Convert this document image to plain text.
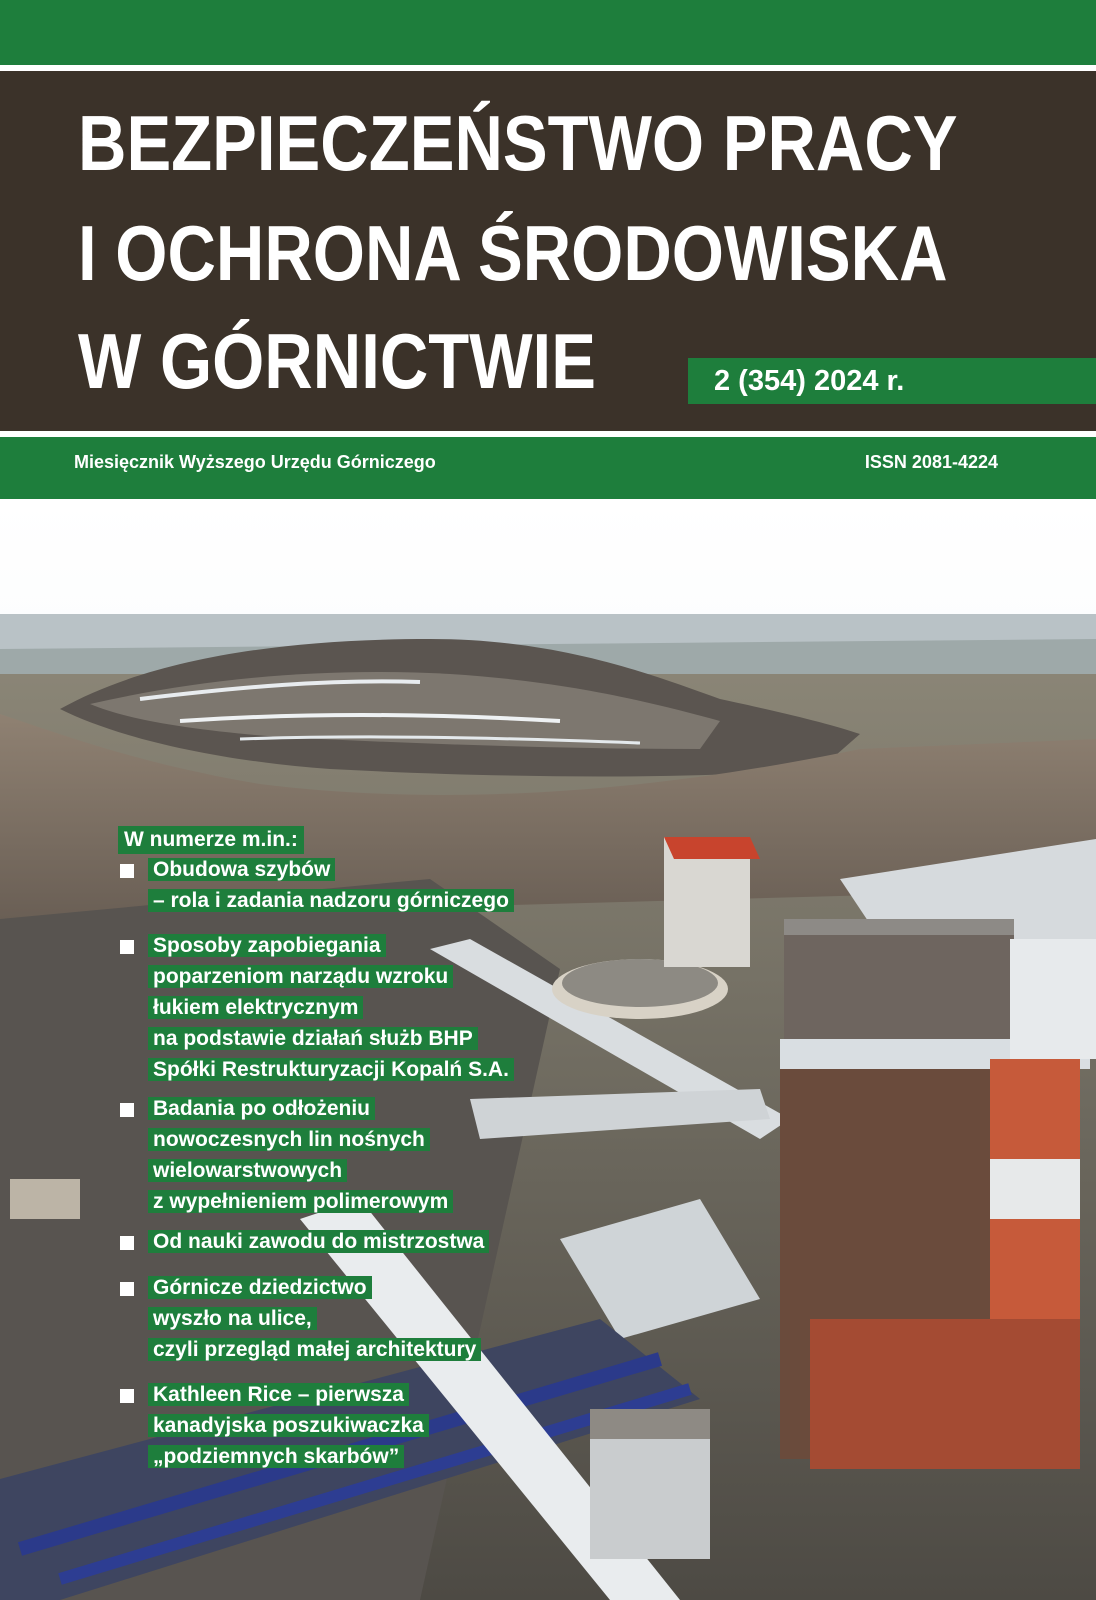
BEZPIECZEŃSTWO PRACY
I OCHRONA ŚRODOWISKA
W GÓRNICTWIE	2 (354) 2024 r.
Miesięcznik Wyższego Urzędu Górniczego	ISSN 2081-4224
W numerze m.in.:
Obudowa szybów
– rola i zadania nadzoru górniczego
Sposoby zapobiegania
poparzeniom narządu wzroku
łukiem elektrycznym
na podstawie działań służb BHP
Spółki Restrukturyzacji Kopalń S.A.
Badania po odłożeniu
nowoczesnych lin nośnych
wielowarstwowych
z wypełnieniem polimerowym
Od nauki zawodu do mistrzostwa
Górnicze dziedzictwo
wyszło na ulice,
czyli przegląd małej architektury
Kathleen Rice – pierwsza
kanadyjska poszukiwaczka
„podziemnych skarbów”
